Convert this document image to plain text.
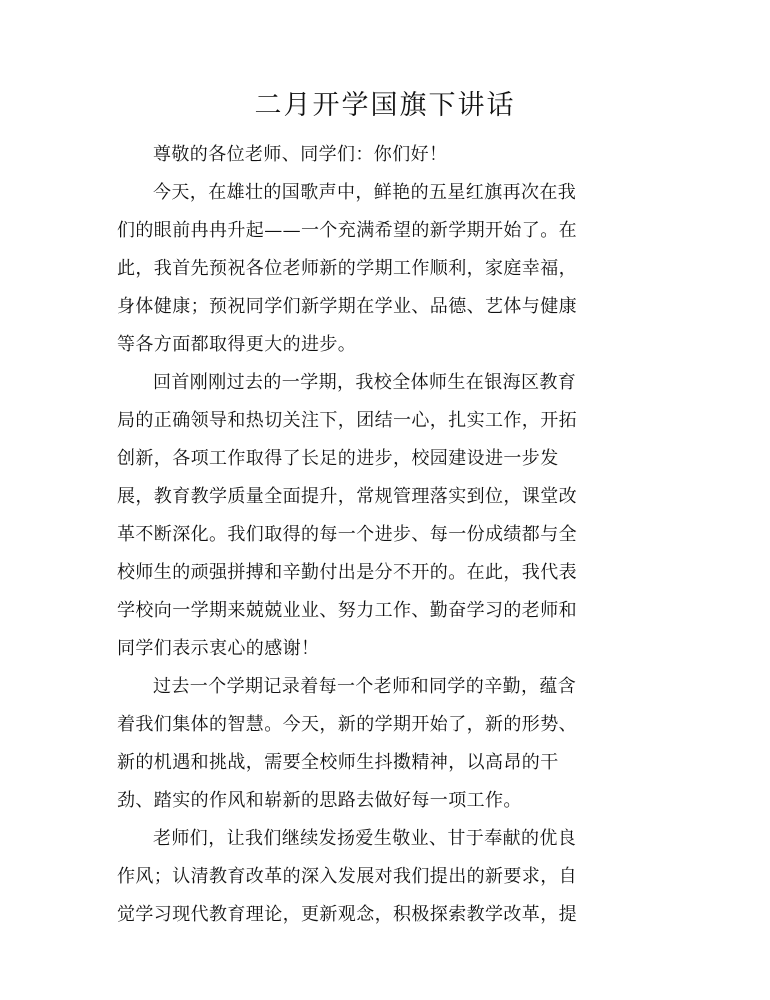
二月开学国旗下讲话

尊敬的各位老师、同学们：你们好！

今天，在雄壮的国歌声中，鲜艳的五星红旗再次在我
们的眼前冉冉升起——一个充满希望的新学期开始了。在
此，我首先预祝各位老师新的学期工作顺利，家庭幸福，
身体健康；预祝同学们新学期在学业、品德、艺体与健康
等各方面都取得更大的进步。

回首刚刚过去的一学期，我校全体师生在银海区教育
局的正确领导和热切关注下，团结一心，扎实工作，开拓
创新，各项工作取得了长足的进步，校园建设进一步发
展，教育教学质量全面提升，常规管理落实到位，课堂改
革不断深化。我们取得的每一个进步、每一份成绩都与全
校师生的顽强拼搏和辛勤付出是分不开的。在此，我代表
学校向一学期来兢兢业业、努力工作、勤奋学习的老师和
同学们表示衷心的感谢！

过去一个学期记录着每一个老师和同学的辛勤，蕴含
着我们集体的智慧。今天，新的学期开始了，新的形势、
新的机遇和挑战，需要全校师生抖擞精神，以高昂的干
劲、踏实的作风和崭新的思路去做好每一项工作。

老师们，让我们继续发扬爱生敬业、甘于奉献的优良
作风；认清教育改革的深入发展对我们提出的新要求，自
觉学习现代教育理论，更新观念，积极探索教学改革，提
